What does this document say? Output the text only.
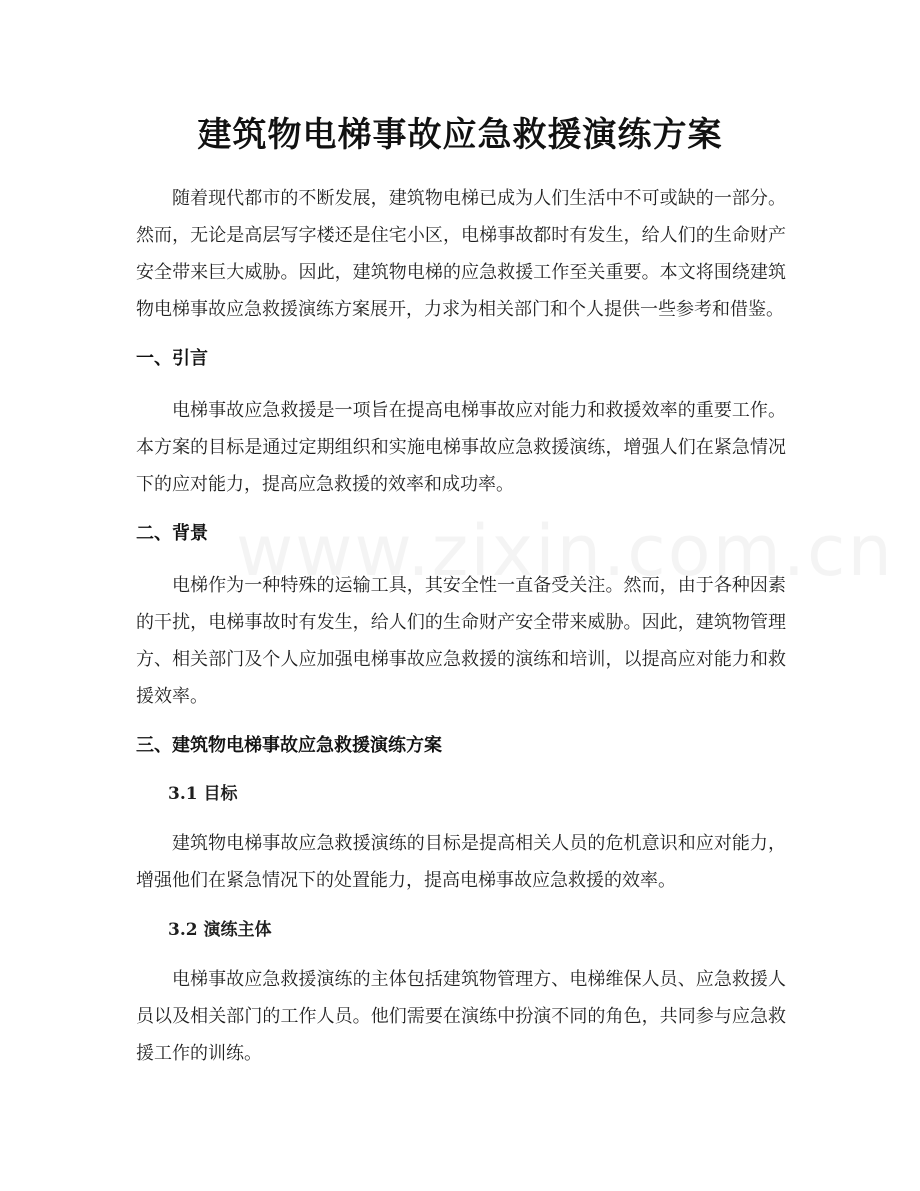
建筑物电梯事故应急救援演练方案

随着现代都市的不断发展，建筑物电梯已成为人们生活中不可或缺的一部分。然而，无论是高层写字楼还是住宅小区，电梯事故都时有发生，给人们的生命财产安全带来巨大威胁。因此，建筑物电梯的应急救援工作至关重要。本文将围绕建筑物电梯事故应急救援演练方案展开，力求为相关部门和个人提供一些参考和借鉴。

一、引言

电梯事故应急救援是一项旨在提高电梯事故应对能力和救援效率的重要工作。本方案的目标是通过定期组织和实施电梯事故应急救援演练，增强人们在紧急情况下的应对能力，提高应急救援的效率和成功率。

二、背景

电梯作为一种特殊的运输工具，其安全性一直备受关注。然而，由于各种因素的干扰，电梯事故时有发生，给人们的生命财产安全带来威胁。因此，建筑物管理方、相关部门及个人应加强电梯事故应急救援的演练和培训，以提高应对能力和救援效率。

三、建筑物电梯事故应急救援演练方案
3.1 目标

建筑物电梯事故应急救援演练的目标是提高相关人员的危机意识和应对能力，增强他们在紧急情况下的处置能力，提高电梯事故应急救援的效率。

3.2 演练主体

电梯事故应急救援演练的主体包括建筑物管理方、电梯维保人员、应急救援人员以及相关部门的工作人员。他们需要在演练中扮演不同的角色，共同参与应急救援工作的训练。
